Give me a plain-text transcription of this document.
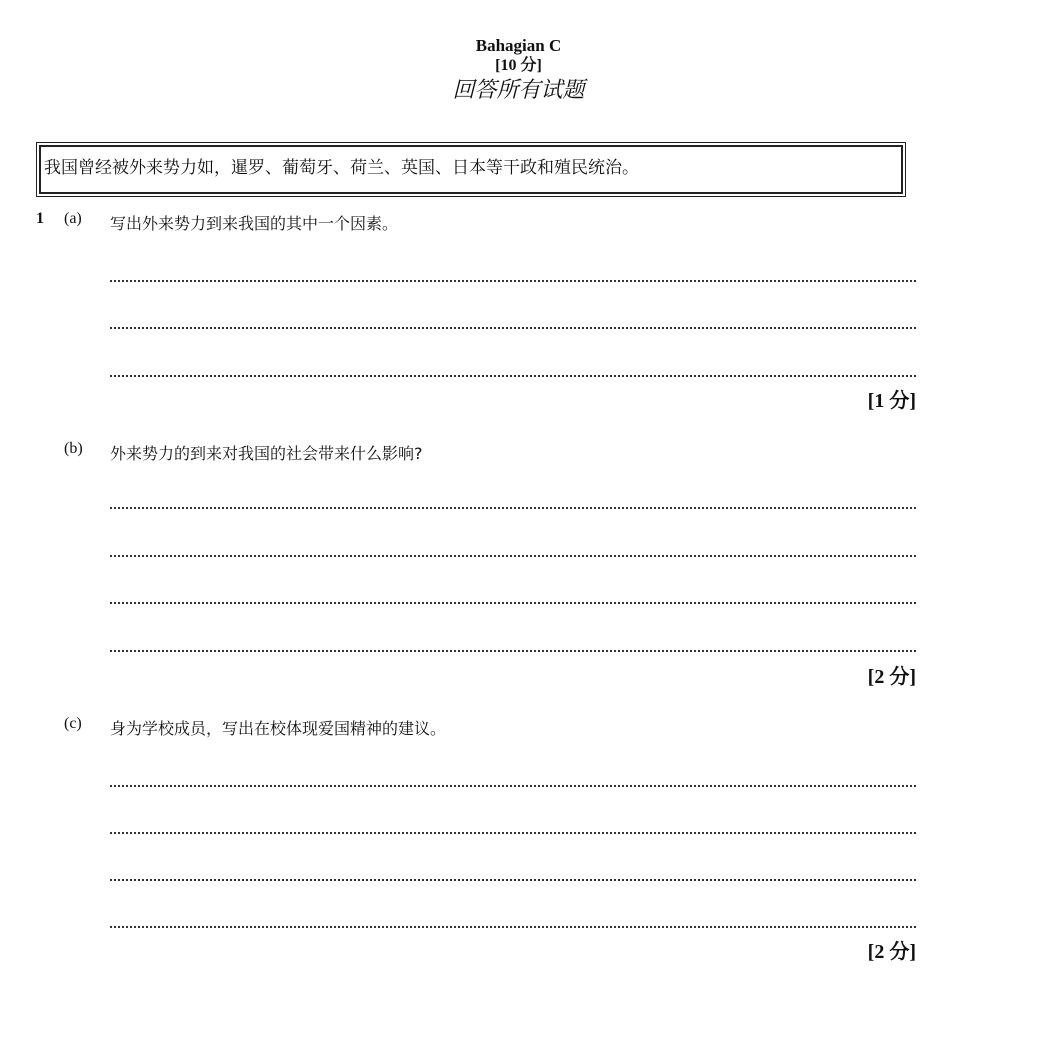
Bahagian C
[10 分]
回答所有试题
我国曾经被外来势力如，暹罗、葡萄牙、荷兰、英国、日本等干政和殖民统治。
1 (a) 写出外来势力到来我国的其中一个因素。
[1 分]
(b) 外来势力的到来对我国的社会带来什么影响?
[2 分]
(c) 身为学校成员，写出在校体现爱国精神的建议。
[2 分]
